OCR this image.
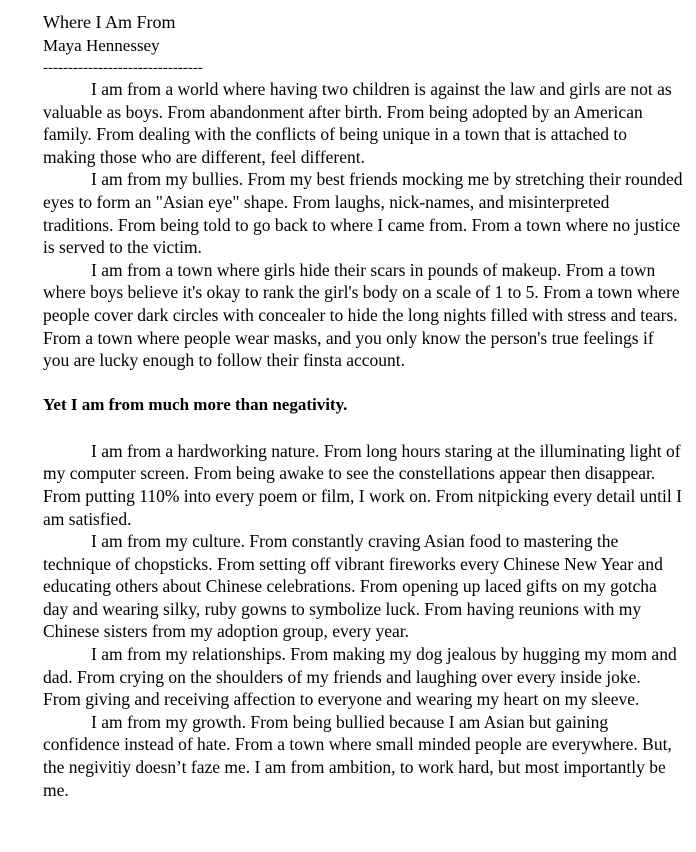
Where I Am From

Maya Hennessey

--------------------------------

I am from a world where having two children is against the law and girls are not as valuable as boys. From abandonment after birth. From being adopted by an American family. From dealing with the conflicts of being unique in a town that is attached to making those who are different, feel different.

I am from my bullies. From my best friends mocking me by stretching their rounded eyes to form an "Asian eye" shape. From laughs, nick-names, and misinterpreted traditions. From being told to go back to where I came from. From a town where no justice is served to the victim.

I am from a town where girls hide their scars in pounds of makeup. From a town where boys believe it's okay to rank the girl's body on a scale of 1 to 5. From a town where people cover dark circles with concealer to hide the long nights filled with stress and tears. From a town where people wear masks, and you only know the person's true feelings if you are lucky enough to follow their finsta account.

Yet I am from much more than negativity.

I am from a hardworking nature. From long hours staring at the illuminating light of my computer screen. From being awake to see the constellations appear then disappear. From putting 110% into every poem or film, I work on. From nitpicking every detail until I am satisfied.

I am from my culture. From constantly craving Asian food to mastering the technique of chopsticks. From setting off vibrant fireworks every Chinese New Year and educating others about Chinese celebrations. From opening up laced gifts on my gotcha day and wearing silky, ruby gowns to symbolize luck. From having reunions with my Chinese sisters from my adoption group, every year.

I am from my relationships. From making my dog jealous by hugging my mom and dad. From crying on the shoulders of my friends and laughing over every inside joke. From giving and receiving affection to everyone and wearing my heart on my sleeve.

I am from my growth. From being bullied because I am Asian but gaining confidence instead of hate. From a town where small minded people are everywhere. But, the negivitiy doesn’t faze me. I am from ambition, to work hard, but most importantly be me.
